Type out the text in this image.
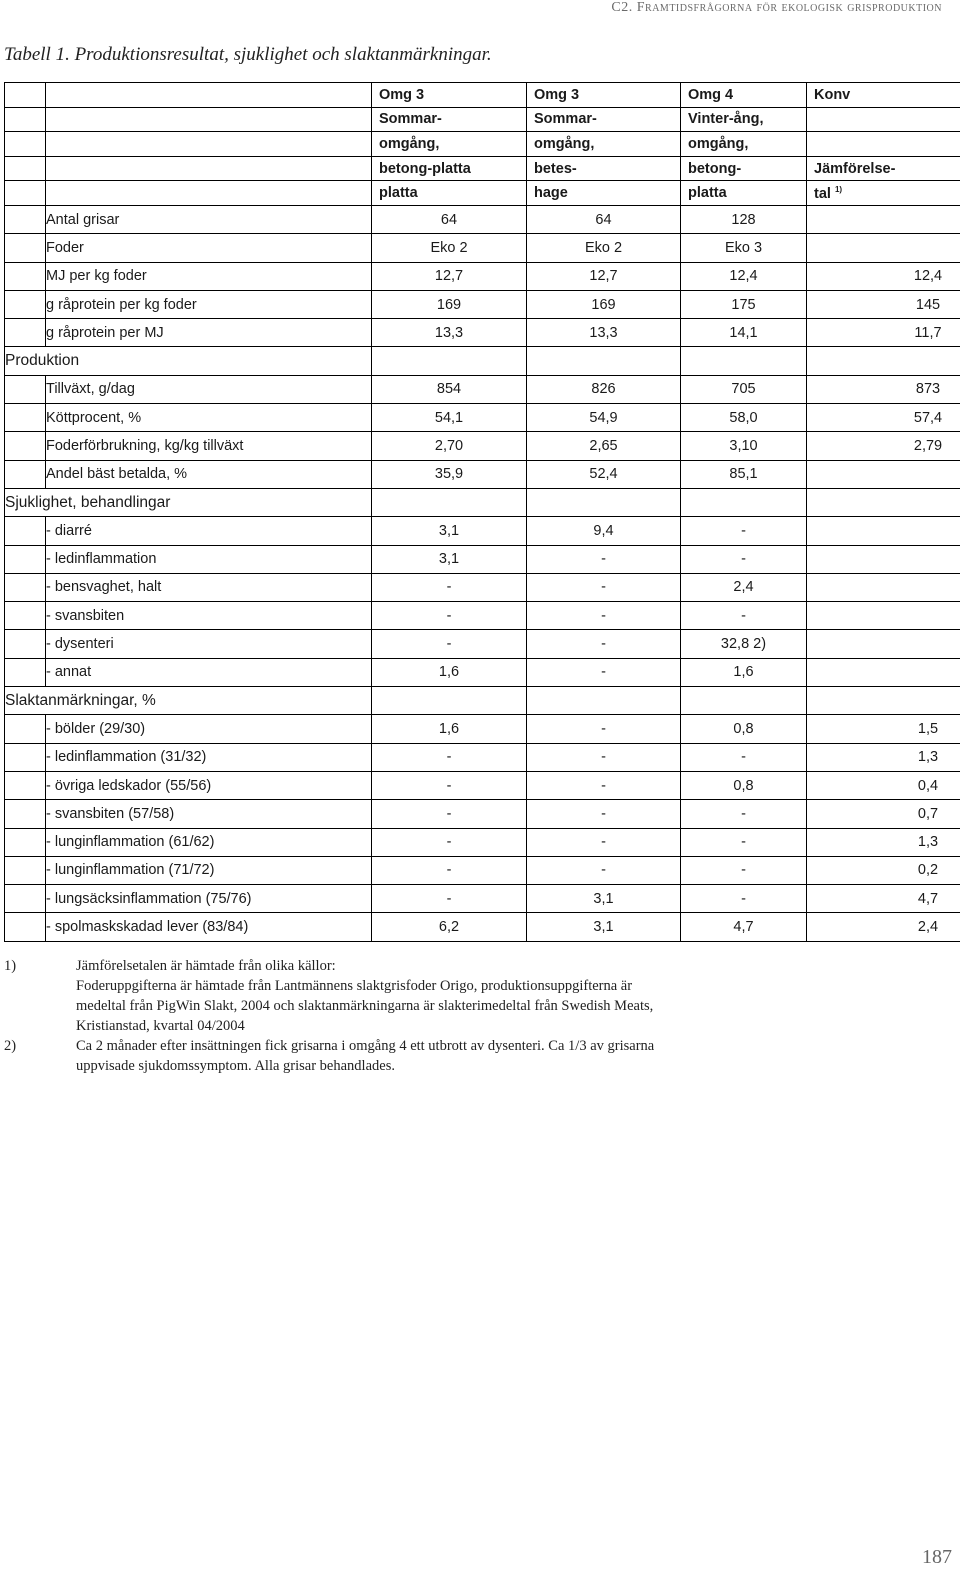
C2. Framtidsfrågorna för ekologisk grisproduktion
Tabell 1. Produktionsresultat, sjuklighet och slaktanmärkningar.
		Omg 3	Omg 3	Omg 4	Konv
		Sommar-	Sommar-	Vinter-ång,	
		omgång,	omgång,	omgång,	
		betong-platta	betes-	betong-	Jämförelse-
		platta	hage	platta	tal $^{1)}$
	Antal grisar	64	64	128	
	Foder	Eko 2	Eko 2	Eko 3	
	MJ per kg foder	12,7	12,7	12,4	12,4
	g råprotein per kg foder	169	169	175	145
	g råprotein per MJ	13,3	13,3	14,1	11,7
Produktion					
	Tillväxt, g/dag	854	826	705	873
	Köttprocent, %	54,1	54,9	58,0	57,4
	Foderförbrukning, kg/kg tillväxt	2,70	2,65	3,10	2,79
	Andel bäst betalda, %	35,9	52,4	85,1	
Sjuklighet, behandlingar					
	- diarré	3,1	9,4	-	
	- ledinflammation	3,1	-	-	
	- bensvaghet, halt	-	-	2,4	
	- svansbiten	-	-	-	
	- dysenteri	-	-	32,8 2)	
	- annat	1,6	-	1,6	
Slaktanmärkningar, %					
	- bölder (29/30)	1,6	-	0,8	1,5
	- ledinflammation (31/32)	-	-	-	1,3
	- övriga ledskador (55/56)	-	-	0,8	0,4
	- svansbiten (57/58)	-	-	-	0,7
	- lunginflammation (61/62)	-	-	-	1,3
	- lunginflammation (71/72)	-	-	-	0,2
	- lungsäcksinflammation (75/76)	-	3,1	-	4,7
	- spolmaskskadad lever (83/84)	6,2	3,1	4,7	2,4
1)	Jämförelsetalen är hämtade från olika källor:
Foderuppgifterna är hämtade från Lantmännens slaktgrisfoder Origo, produktionsuppgifterna är
medeltal från PigWin Slakt, 2004 och slaktanmärkningarna är slakterimedeltal från Swedish Meats,
Kristianstad, kvartal 04/2004
2)	Ca 2 månader efter insättningen fick grisarna i omgång 4 ett utbrott av dysenteri. Ca 1/3 av grisarna
uppvisade sjukdomssymptom. Alla grisar behandlades.
187
